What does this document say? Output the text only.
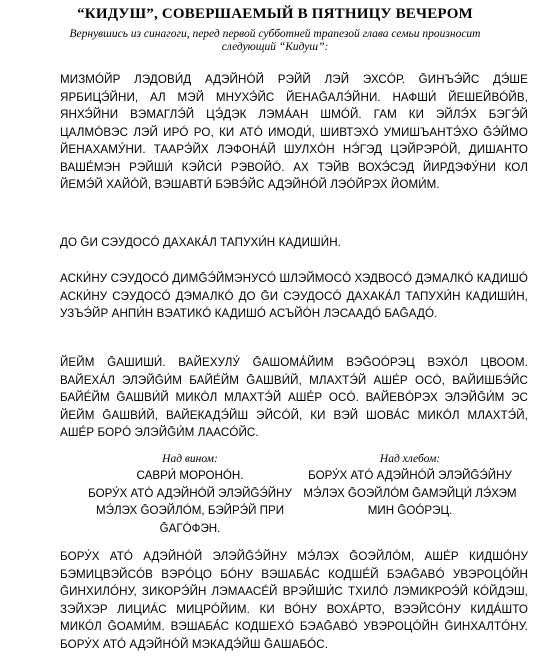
“КИДУШ”, СОВЕРШАЕМЫЙ В ПЯТНИЦУ ВЕЧЕРОМ
Вернувшись из синагоги, перед первой субботней трапезой глава семьи произносит следующий “Кидуш”:

МИЗМÓЙР ЛЭДОВИ́Д АДЭЙНÓЙ РЭЙЙ ЛЭЙ ЭХСÓР. ḠИНЪЭ́ЙС ДЭ́ШЕ ЯРБИЦЭ́ЙНИ, АЛ МЭЙ МНУХЭ́ЙС ЙЕНАḠАЛЭ́ЙНИ. НАФШИ́ ЙЕШЕЙВÓЙВ, ЯНХЭ́ЙНИ ВЭМАГЛЭ́Й ЦЭ́ДЭК ЛЭМÁАН ШМÓЙ. ГАМ КИ ЭЙЛЭ́Х БЭГЭ́Й ЦАЛМÓВЭС ЛЭЙ ИРÓ РО, КИ АТÓ ИМОДИ́, ШИВТЭХÓ УМИШЪАНТЭ́ХО ḠЭ́ЙМО ЙЕНАХАМУ́НИ. ТААРЭ́ЙХ ЛЭФОНА́Й ШУЛХÓН НЭ́ГЭД ЦЭЙРЭРÓЙ, ДИШАНТО ВАШЕ́МЭН РЭЙШИ́ КЭЙСИ́ РЭВОЙÓ. АХ ТЭЙВ ВОХЭ́СЭД ЙИРДЭФУ́НИ КОЛ ЙЕМЭ́Й ХАЙÓЙ, ВЭШАВТИ́ БЭВЭ́ЙС АДЭЙНÓЙ ЛЭÓЙРЭХ ЙОМИ́М.

ДО ḠИ СЭУДОСÓ ДАХАКА́Л ТАПУХИ́Н КАДИШИ́Н.

АСКИ́НУ СЭУДОСÓ ДИМḠЭ́ЙМЭНУСÓ ШЛЭЙМОСÓ ХЭДВОСÓ ДЭМАЛКÓ КАДИШÓ АСКИ́НУ СЭУДОСÓ ДЭМАЛКÓ ДО ḠИ СЭУДОСÓ ДАХАКА́Л ТАПУХИ́Н КАДИШИ́Н, УЗЪЭ́ЙР АНПИ́Н ВЭАТИКÓ КАДИШÓ АСЪЙÓН ЛЭСААДÓ БАḠАДÓ.

ЙЕЙМ ḠАШИШИ́. ВАЙЕХУЛУ́ ḠАШОМА́ЙИМ ВЭḠОÓРЭЦ ВЭХÓЛ ЦВООМ. ВАЙЕХА́Л ЭЛЭЙḠИ́М БАЙЕ́ЙМ ḠАШВИ́Й, МЛАХТЭ́Й АШЕ́Р ОСÓ, ВАЙИШБЭ́ЙС БАЙЕ́ЙМ ḠАШВИ́Й МИКÓЛ МЛАХТЭ́Й АШЕ́Р ОСÓ. ВАЙЕВÓРЭХ ЭЛЭЙḠИ́М ЭС ЙЕЙМ ḠАШВИ́Й, ВАЙЕКАДЭ́ЙШ ЭЙСÓЙ, КИ ВЭЙ ШОВА́С МИКÓЛ МЛАХТЭ́Й, АШЕ́Р БОРÓ ЭЛЭЙḠИ́М ЛААСÓЙС.

Над вином:
САВРИ́ МОРОНÓН.
БОРУ́Х АТÓ АДЭЙНÓЙ ЭЛЭЙḠЭ́ЙНУ
МЭ́ЛЭХ ḠОЭЙЛÓМ, БЭЙРЭ́Й ПРИ
ḠАГÓФЭН.
Над хлебом:
БОРУ́Х АТÓ АДЭЙНÓЙ ЭЛЭЙḠЭ́ЙНУ
МЭ́ЛЭХ ḠОЭЙЛÓМ ḠАМЭЙЦИ́ ЛЭ́ХЭМ
МИН ḠОÓРЭЦ.

БОРУ́Х АТÓ АДЭЙНÓЙ ЭЛЭЙḠЭ́ЙНУ МЭ́ЛЭХ ḠОЭЙЛÓМ, АШЕ́Р КИДШО́НУ БЭМИЦВЭЙСÓВ ВЭРÓЦО БÓНУ ВЭШАБА́С КОДШЕ́Й БЭАḠАВÓ УВЭРОЦÓЙН ḠИНХИЛО́НУ, ЗИКОРЭ́ЙН ЛЭМААСÉЙ ВРЭЙШИ́С ТХИЛÓ ЛЭМИКРОЭ́Й КÓЙДЭШ, ЗЭЙХЭР ЛИЦИА́С МИЦРÓЙИМ. КИ ВÓНУ ВОХА́РТО, ВЭЭЙСÓНУ КИДА́ШТО МИКÓЛ ḠОАМИ́М. ВЭШАБА́С КОДШЕХÓ БЭАḠАВÓ УВЭРОЦÓЙН ḠИНХАЛТÓНУ. БОРУ́Х АТÓ АДЭЙНÓЙ МЭКАДЭ́ЙШ ḠАШАБÓС.
